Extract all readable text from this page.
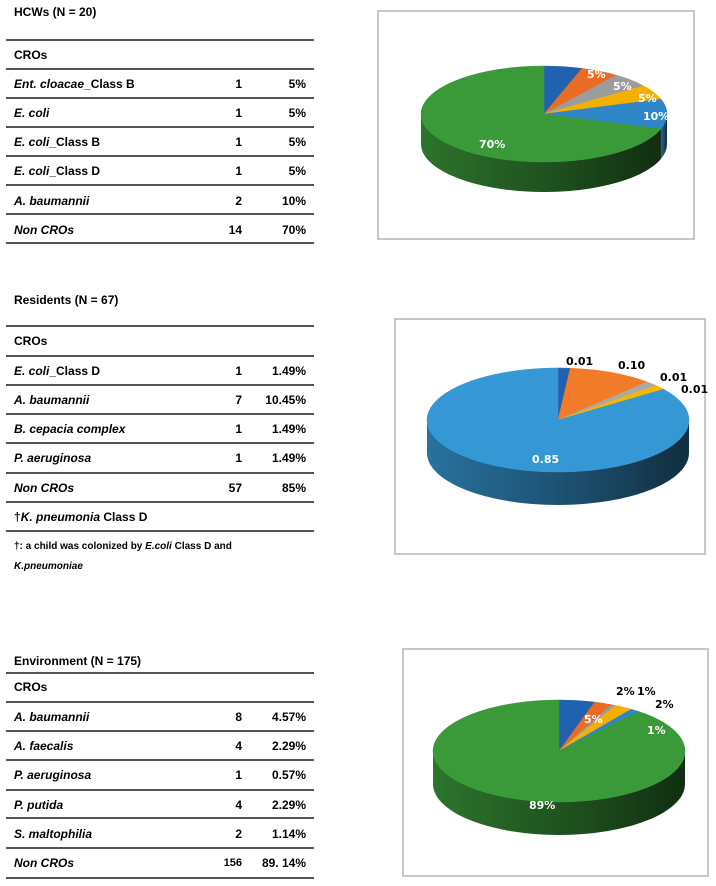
HCWs (N = 20)
CROs
Ent. cloacae_Class B	1	5%
E. coli	1	5%
E. coli_Class B	1	5%
E. coli_Class D	1	5%
A. baumannii	2	10%
Non CROs	14	70%
5%
5%
5%
10%
70%
Residents (N = 67)
CROs
E. coli_Class D	1 1.49%
A. baumannii	7 10.45%
B. cepacia complex	1 1.49%
P. aeruginosa	1 1.49%
Non CROs	57	85%
†K. pneumonia Class D
†: a child was colonized by E.coli Class D and
K.pneumoniae
0.01 0.10
0.01
0.01
0.85
Environment (N = 175)
CROs
A. baumannii	8 4.57%
A. faecalis	4 2.29%
P. aeruginosa	1 0.57%
P. putida	4 2.29%
S. maltophilia	2 1.14%
Non CROs	156 89. 14%
5%
2% 1%
2%
1%
89%
